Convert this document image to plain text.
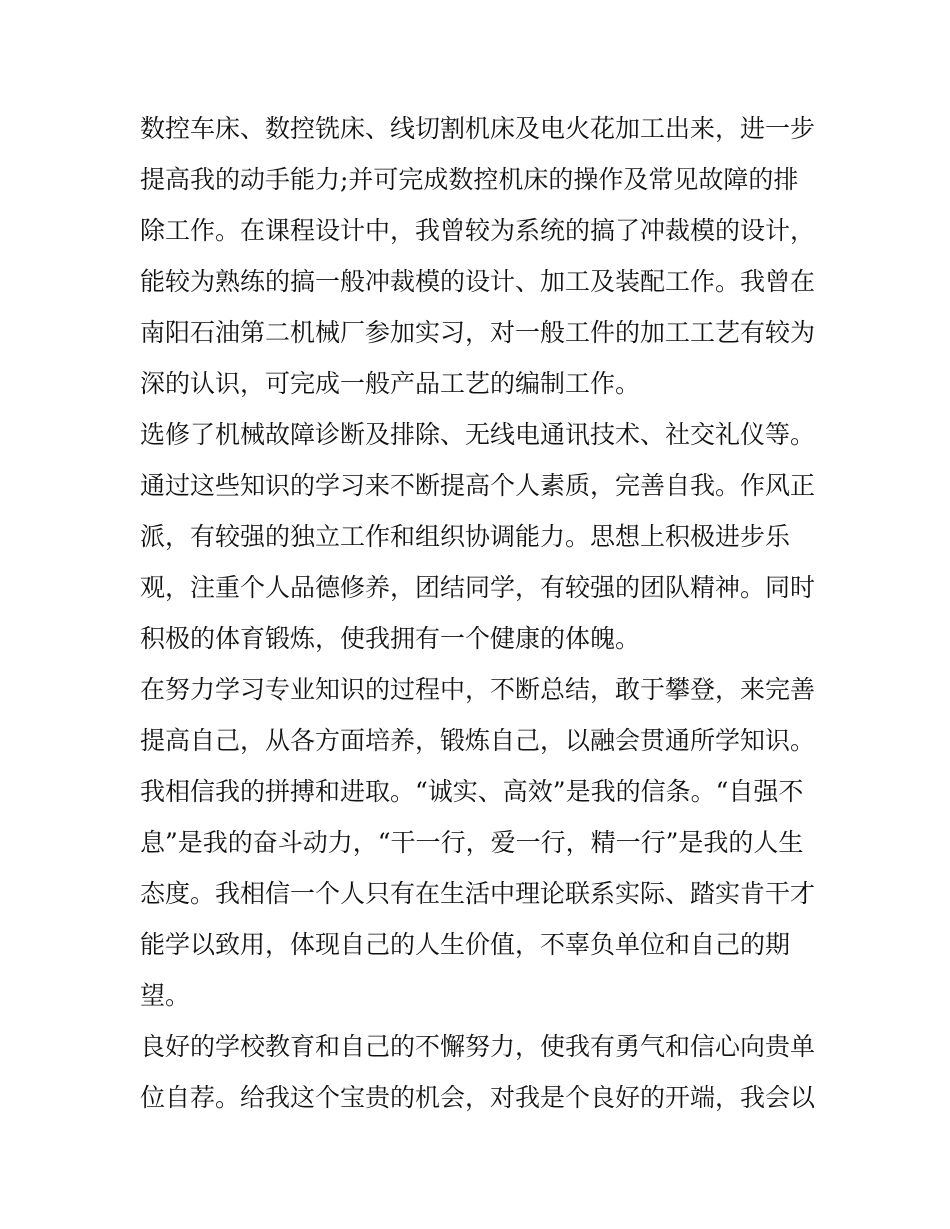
数控车床、数控铣床、线切割机床及电火花加工出来，进一步
提高我的动手能力;并可完成数控机床的操作及常见故障的排
除工作。在课程设计中，我曾较为系统的搞了冲裁模的设计，
能较为熟练的搞一般冲裁模的设计、加工及装配工作。我曾在
南阳石油第二机械厂参加实习，对一般工件的加工工艺有较为
深的认识，可完成一般产品工艺的编制工作。
选修了机械故障诊断及排除、无线电通讯技术、社交礼仪等。
通过这些知识的学习来不断提高个人素质，完善自我。作风正
派，有较强的独立工作和组织协调能力。思想上积极进步乐
观，注重个人品德修养，团结同学，有较强的团队精神。同时
积极的体育锻炼，使我拥有一个健康的体魄。
在努力学习专业知识的过程中，不断总结，敢于攀登，来完善
提高自己，从各方面培养，锻炼自己，以融会贯通所学知识。
我相信我的拼搏和进取。“诚实、高效”是我的信条。“自强不
息”是我的奋斗动力，“干一行，爱一行，精一行”是我的人生
态度。我相信一个人只有在生活中理论联系实际、踏实肯干才
能学以致用，体现自己的人生价值，不辜负单位和自己的期
望。
良好的学校教育和自己的不懈努力，使我有勇气和信心向贵单
位自荐。给我这个宝贵的机会，对我是个良好的开端，我会以
